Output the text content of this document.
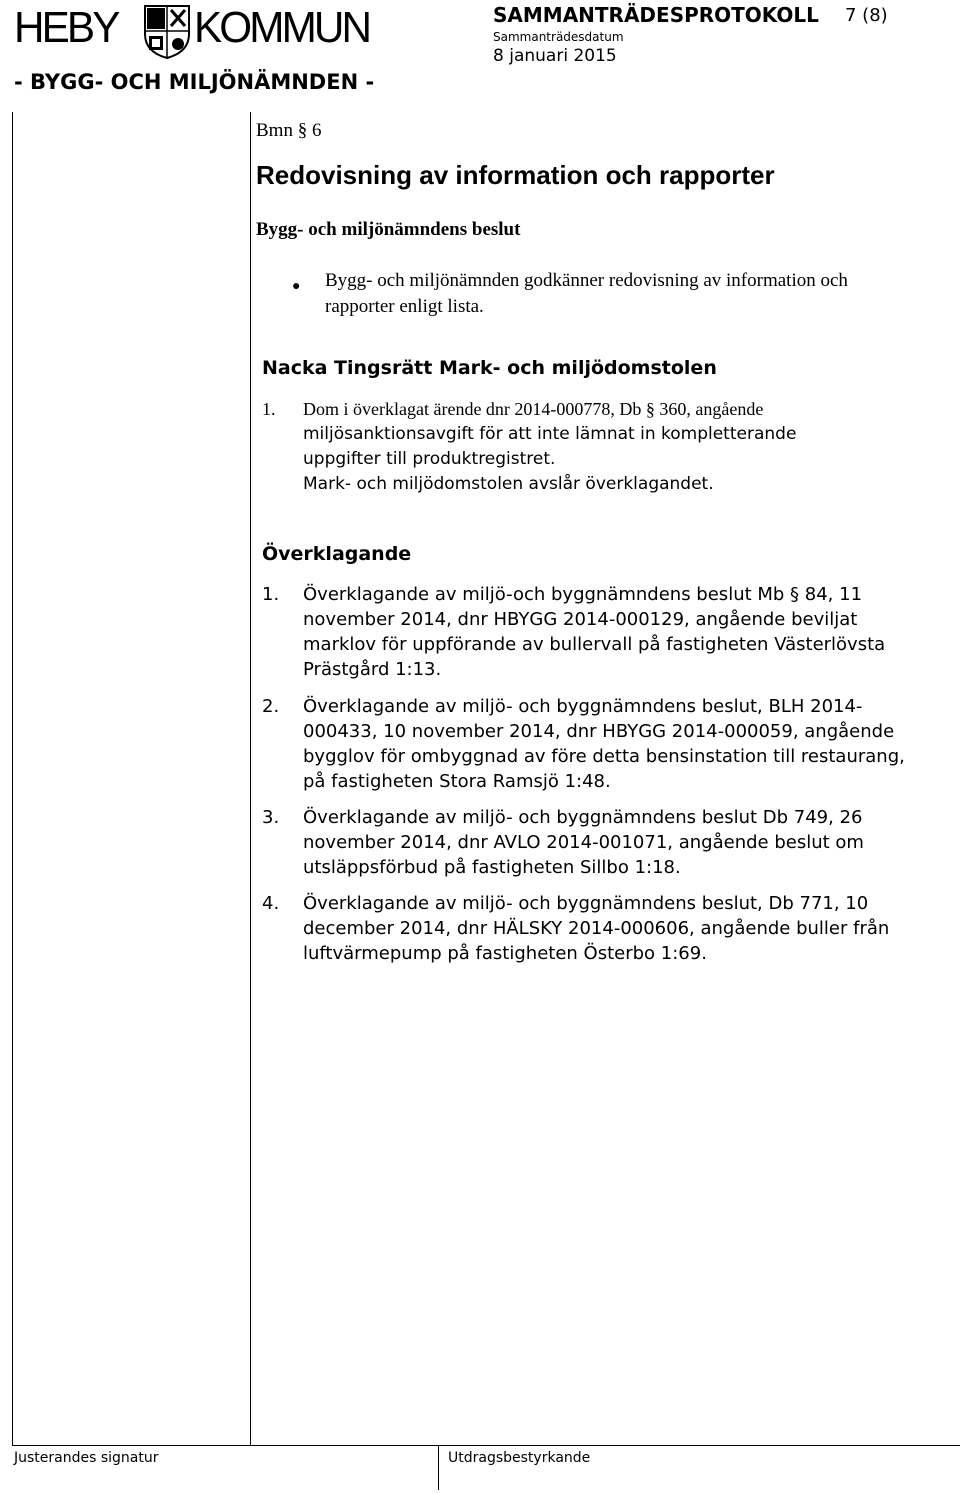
HEBY KOMMUN
- BYGG- OCH MILJÖNÄMNDEN -
SAMMANTRÄDESPROTOKOLL 7 (8)
Sammanträdesdatum
8 januari 2015
Bmn § 6
Redovisning av information och rapporter
Bygg- och miljönämndens beslut
● Bygg- och miljönämnden godkänner redovisning av information och
rapporter enligt lista.
Nacka Tingsrätt Mark- och miljödomstolen
1. Dom i överklagat ärende dnr 2014-000778, Db § 360, angående
miljösanktionsavgift för att inte lämnat in kompletterande
uppgifter till produktregistret.
Mark- och miljödomstolen avslår överklagandet.
Överklagande
1. Överklagande av miljö-och byggnämndens beslut Mb § 84, 11
november 2014, dnr HBYGG 2014-000129, angående beviljat
marklov för uppförande av bullervall på fastigheten Västerlövsta
Prästgård 1:13.
2. Överklagande av miljö- och byggnämndens beslut, BLH 2014-
000433, 10 november 2014, dnr HBYGG 2014-000059, angående
bygglov för ombyggnad av före detta bensinstation till restaurang,
på fastigheten Stora Ramsjö 1:48.
3. Överklagande av miljö- och byggnämndens beslut Db 749, 26
november 2014, dnr AVLO 2014-001071, angående beslut om
utsläppsförbud på fastigheten Sillbo 1:18.
4. Överklagande av miljö- och byggnämndens beslut, Db 771, 10
december 2014, dnr HÄLSKY 2014-000606, angående buller från
luftvärmepump på fastigheten Österbo 1:69.
Justerandes signatur	Utdragsbestyrkande
